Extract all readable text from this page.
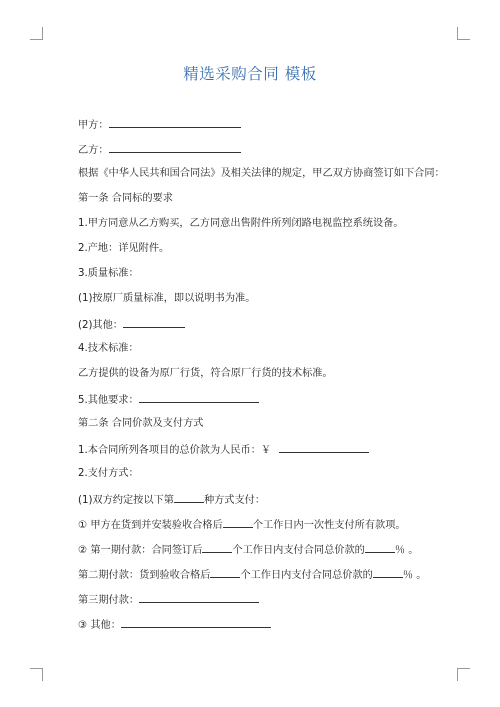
精选采购合同 模板
甲方：
乙方：
根据《中华人民共和国合同法》及相关法律的规定，甲乙双方协商签订如下合同：
第一条 合同标的要求
1.甲方同意从乙方购买，乙方同意出售附件所列闭路电视监控系统设备。
2.产地：详见附件。
3.质量标准：
(1)按原厂质量标准，即以说明书为准。
(2)其他：
4.技术标准：
乙方提供的设备为原厂行货，符合原厂行货的技术标准。
5.其他要求：
第二条 合同价款及支付方式
1.本合同所列各项目的总价款为人民币：￥
2.支付方式：
(1)双方约定按以下第	种方式支付：
① 甲方在货到并安装验收合格后	个工作日内一次性支付所有款项。
② 第一期付款：合同签订后	个工作日内支付合同总价款的	％ 。
第二期付款：货到验收合格后	个工作日内支付合同总价款的	％ 。
第三期付款：
③ 其他：
